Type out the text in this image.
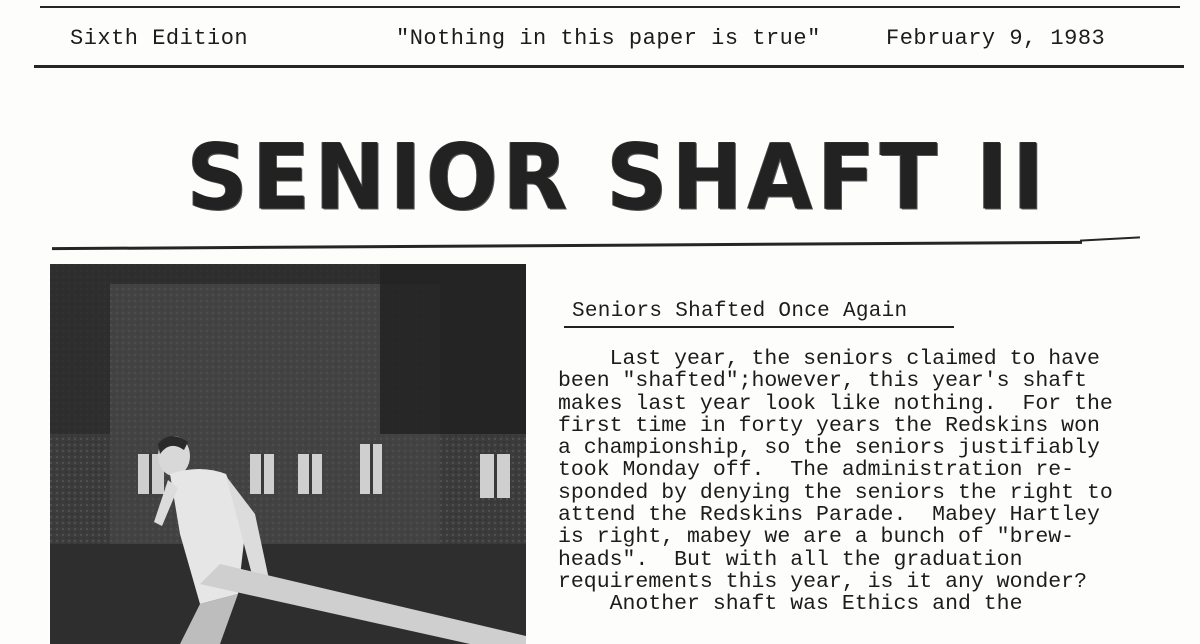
Sixth Edition	"Nothing in this paper is true"	February 9, 1983
SENIOR SHAFT II
Seniors Shafted Once Again
Last year, the seniors claimed to have
been "shafted";however, this year's shaft
makes last year look like nothing.  For the
first time in forty years the Redskins won
a championship, so the seniors justifiably
took Monday off.  The administration re-
sponded by denying the seniors the right to
attend the Redskins Parade.  Mabey Hartley
is right, mabey we are a bunch of "brew-
heads".  But with all the graduation
requirements this year, is it any wonder?
Another shaft was Ethics and the
